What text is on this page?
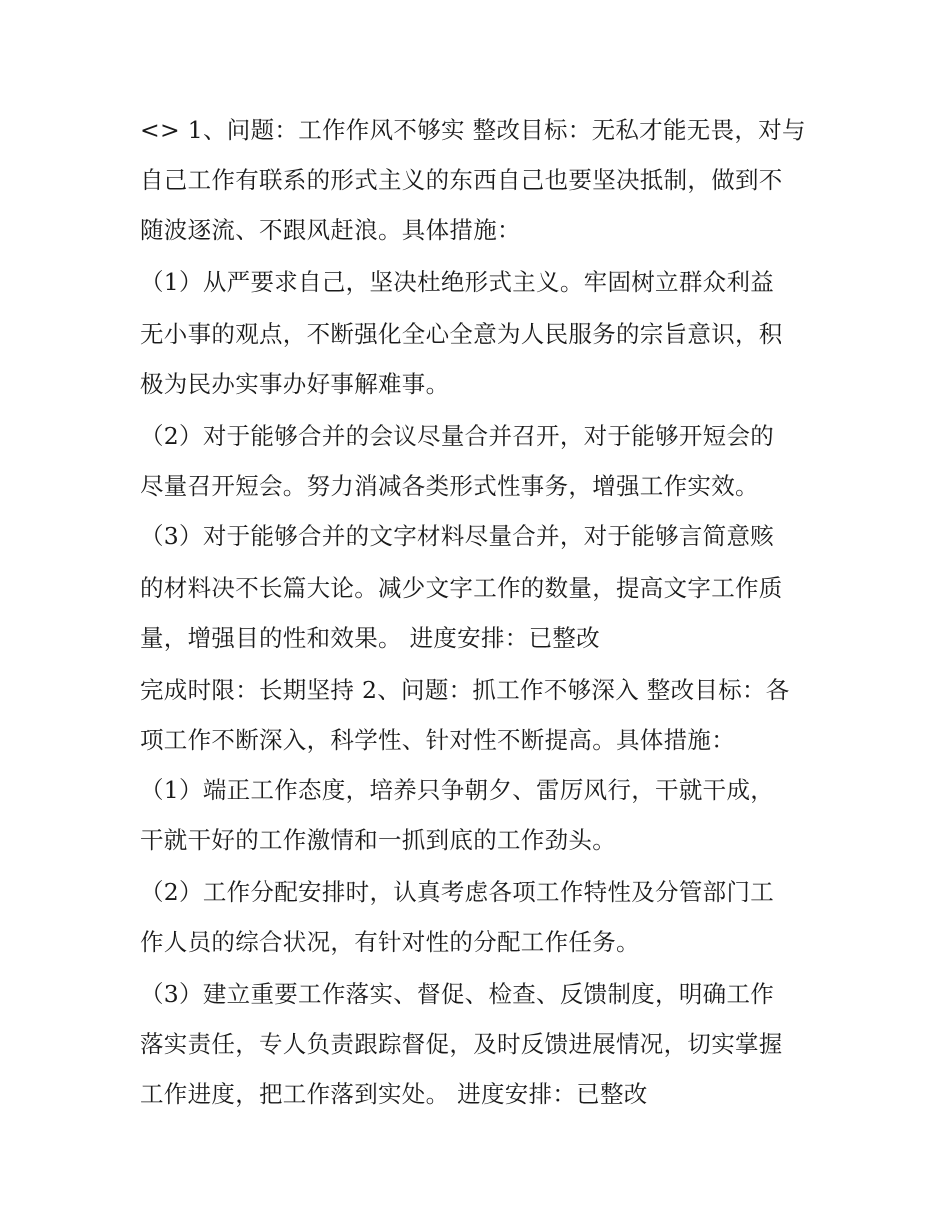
<> 1、问题：工作作风不够实 整改目标：无私才能无畏，对与
自己工作有联系的形式主义的东西自己也要坚决抵制，做到不
随波逐流、不跟风赶浪。具体措施：
（1）从严要求自己，坚决杜绝形式主义。牢固树立群众利益
无小事的观点，不断强化全心全意为人民服务的宗旨意识，积
极为民办实事办好事解难事。
（2）对于能够合并的会议尽量合并召开，对于能够开短会的
尽量召开短会。努力消减各类形式性事务，增强工作实效。
（3）对于能够合并的文字材料尽量合并，对于能够言简意赅
的材料决不长篇大论。减少文字工作的数量，提高文字工作质
量，增强目的性和效果。 进度安排：已整改
完成时限：长期坚持 2、问题：抓工作不够深入 整改目标：各
项工作不断深入，科学性、针对性不断提高。具体措施：
（1）端正工作态度，培养只争朝夕、雷厉风行，干就干成，
干就干好的工作激情和一抓到底的工作劲头。
（2）工作分配安排时，认真考虑各项工作特性及分管部门工
作人员的综合状况，有针对性的分配工作任务。
（3）建立重要工作落实、督促、检查、反馈制度，明确工作
落实责任，专人负责跟踪督促，及时反馈进展情况，切实掌握
工作进度，把工作落到实处。 进度安排：已整改
